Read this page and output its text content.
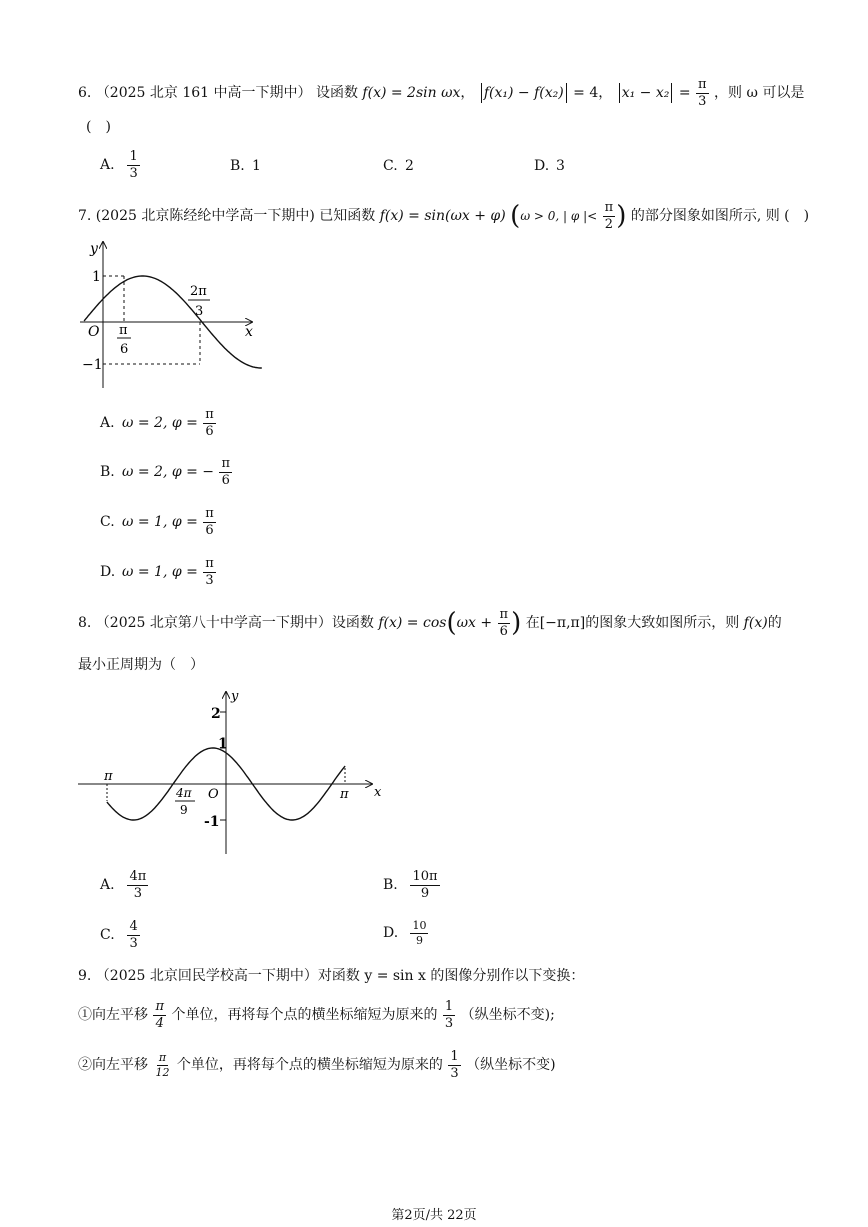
6. （2025 北京 161 中高一下期中） 设函数 f(x) = 2sin ωx， f(x₁) − f(x₂) = 4， $x_1 - x_2 = \frac{\pi}{3}$ ，则 ω 可以是
(　)
A. $\frac{1}{3}$	B. 1	C. 2	D. 3
7. (2025 北京陈经纶中学高一下期中) 已知函数 f(x) = sin(ωx + φ) (ω > 0, | φ |< $\frac{\pi}{2}$ ) 的部分图象如图所示, 则 (　)
y
x
O
1
−1
π
6
2π
3
A. ω = 2, $\varphi = \frac{\pi}{6}$
B. ω = 2, φ = − $\frac{\pi}{6}$
C. ω = 1, $\varphi = \frac{\pi}{6}$
D. ω = 1, $\varphi = \frac{\pi}{3}$
8. （2025 北京第八十中学高一下期中）设函数 $f(x) = \cos(\omega x + \frac{\pi}{6}$ ) 在[−π,π]的图象大致如图所示，则 f(x)的
最小正周期为（　）
y
x
O
2
1
-1
π
π
4π
9
A. $\frac{4\pi}{3}$	B. $\frac{10\pi}{9}$
C. $\frac{4}{3}$	D. $\frac{10}{9}$
9. （2025 北京回民学校高一下期中）对函数 y = sin x 的图像分别作以下变换：
①向左平移 $\frac{\pi}{4}$ 个单位，再将每个点的横坐标缩短为原来的 $\frac{1}{3}$ （纵坐标不变);
②向左平移 $\frac{\pi}{12}$ 个单位，再将每个点的横坐标缩短为原来的 $\frac{1}{3}$ （纵坐标不变)
第2页/共 22页
